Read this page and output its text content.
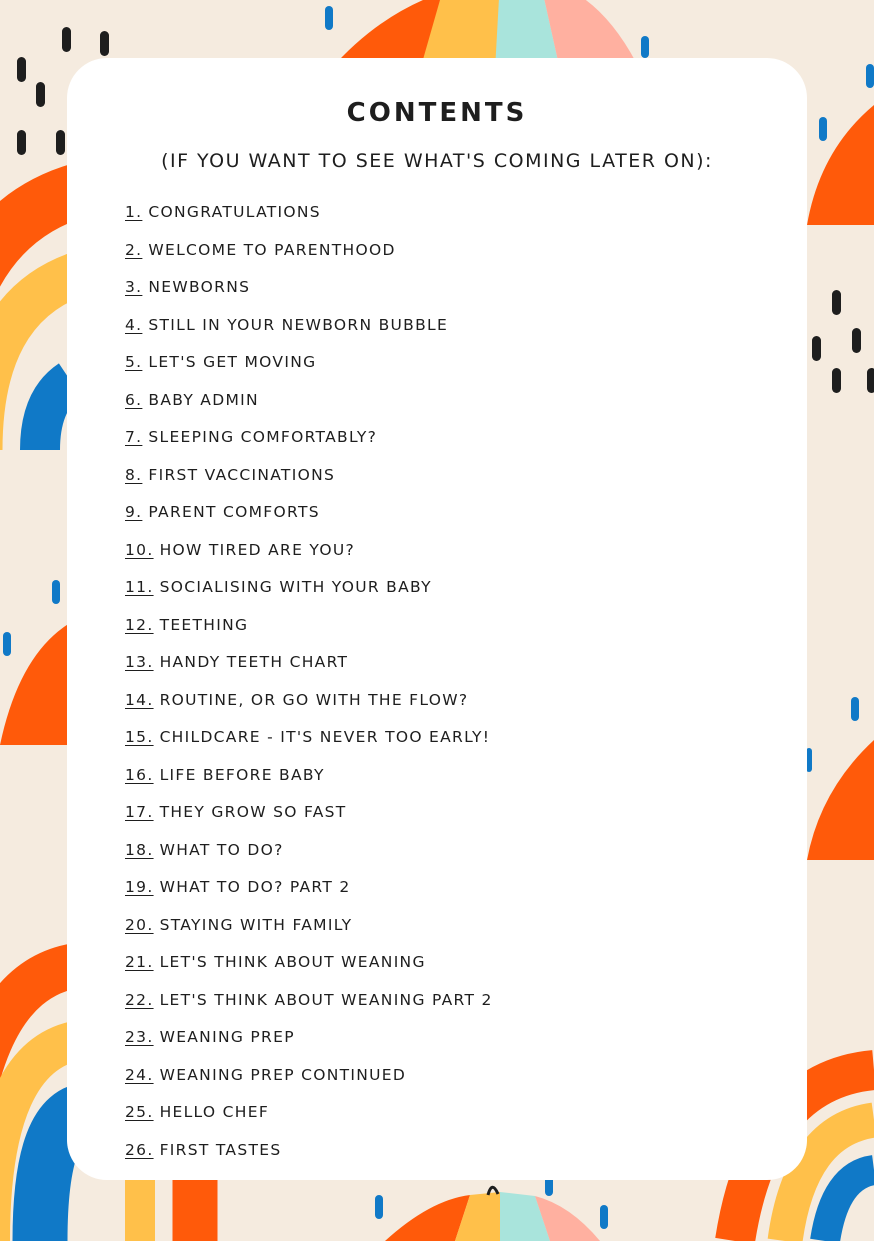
CONTENTS

(IF YOU WANT TO SEE WHAT'S COMING LATER ON):

1. CONGRATULATIONS
2. WELCOME TO PARENTHOOD
3. NEWBORNS
4. STILL IN YOUR NEWBORN BUBBLE
5. LET'S GET MOVING
6. BABY ADMIN
7. SLEEPING COMFORTABLY?
8. FIRST VACCINATIONS
9. PARENT COMFORTS
10. HOW TIRED ARE YOU?
11. SOCIALISING WITH YOUR BABY
12. TEETHING
13. HANDY TEETH CHART
14. ROUTINE, OR GO WITH THE FLOW?
15. CHILDCARE - IT'S NEVER TOO EARLY!
16. LIFE BEFORE BABY
17. THEY GROW SO FAST
18. WHAT TO DO?
19. WHAT TO DO? PART 2
20. STAYING WITH FAMILY
21. LET'S THINK ABOUT WEANING
22. LET'S THINK ABOUT WEANING PART 2
23. WEANING PREP
24. WEANING PREP CONTINUED
25. HELLO CHEF
26. FIRST TASTES
